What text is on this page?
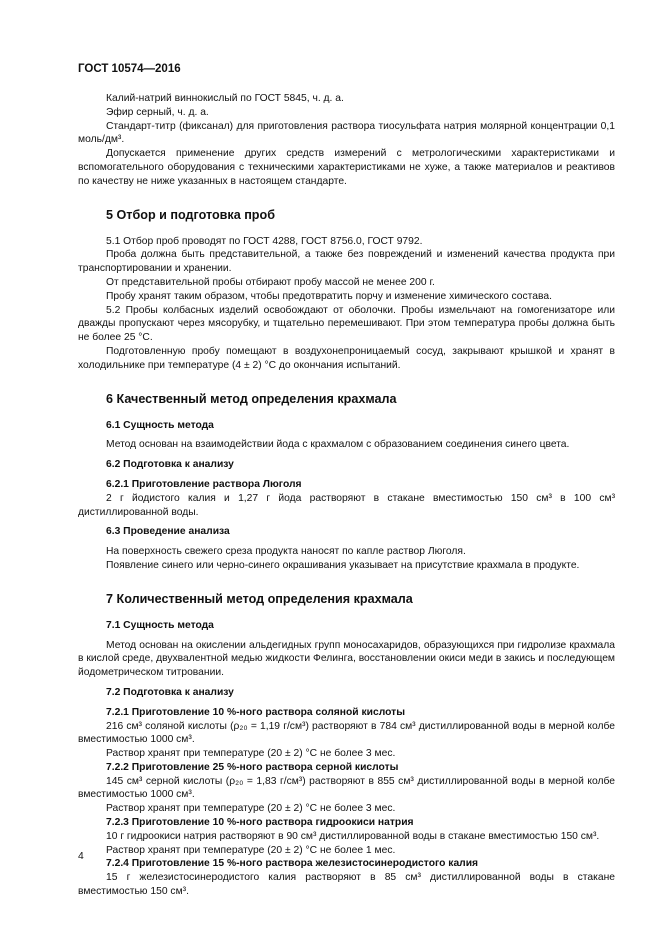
ГОСТ 10574—2016

Калий-натрий виннокислый по ГОСТ 5845, ч. д. а.

Эфир серный, ч. д. а.

Стандарт-титр (фиксанал) для приготовления раствора тиосульфата натрия молярной концентрации 0,1 моль/дм³.

Допускается применение других средств измерений с метрологическими характеристиками и вспомогательного оборудования с техническими характеристиками не хуже, а также материалов и реактивов по качеству не ниже указанных в настоящем стандарте.

5 Отбор и подготовка проб

5.1 Отбор проб проводят по ГОСТ 4288, ГОСТ 8756.0, ГОСТ 9792.

Проба должна быть представительной, а также без повреждений и изменений качества продукта при транспортировании и хранении.

От представительной пробы отбирают пробу массой не менее 200 г.

Пробу хранят таким образом, чтобы предотвратить порчу и изменение химического состава.

5.2 Пробы колбасных изделий освобождают от оболочки. Пробы измельчают на гомогенизаторе или дважды пропускают через мясорубку, и тщательно перемешивают. При этом температура пробы должна быть не более 25 °С.

Подготовленную пробу помещают в воздухонепроницаемый сосуд, закрывают крышкой и хранят в холодильнике при температуре (4 ± 2) °С до окончания испытаний.

6 Качественный метод определения крахмала

6.1 Сущность метода

Метод основан на взаимодействии йода с крахмалом с образованием соединения синего цвета.

6.2 Подготовка к анализу

6.2.1 Приготовление раствора Люголя

2 г йодистого калия и 1,27 г йода растворяют в стакане вместимостью 150 см³ в 100 см³ дистиллированной воды.

6.3 Проведение анализа

На поверхность свежего среза продукта наносят по капле раствор Люголя.

Появление синего или черно-синего окрашивания указывает на присутствие крахмала в продукте.

7 Количественный метод определения крахмала

7.1 Сущность метода

Метод основан на окислении альдегидных групп моносахаридов, образующихся при гидролизе крахмала в кислой среде, двухвалентной медью жидкости Фелинга, восстановлении окиси меди в закись и последующем йодометрическом титровании.

7.2 Подготовка к анализу

7.2.1 Приготовление 10 %-ного раствора соляной кислоты

216 см³ соляной кислоты (ρ₂₀ = 1,19 г/см³) растворяют в 784 см³ дистиллированной воды в мерной колбе вместимостью 1000 см³.

Раствор хранят при температуре (20 ± 2) °С не более 3 мес.

7.2.2 Приготовление 25 %-ного раствора серной кислоты

145 см³ серной кислоты (ρ₂₀ = 1,83 г/см³) растворяют в 855 см³ дистиллированной воды в мерной колбе вместимостью 1000 см³.

Раствор хранят при температуре (20 ± 2) °С не более 3 мес.

7.2.3 Приготовление 10 %-ного раствора гидроокиси натрия

10 г гидроокиси натрия растворяют в 90 см³ дистиллированной воды в стакане вместимостью 150 см³.

Раствор хранят при температуре (20 ± 2) °С не более 1 мес.

7.2.4 Приготовление 15 %-ного раствора железистосинеродистого калия

15 г железистосинеродистого калия растворяют в 85 см³ дистиллированной воды в стакане вместимостью 150 см³.

4
